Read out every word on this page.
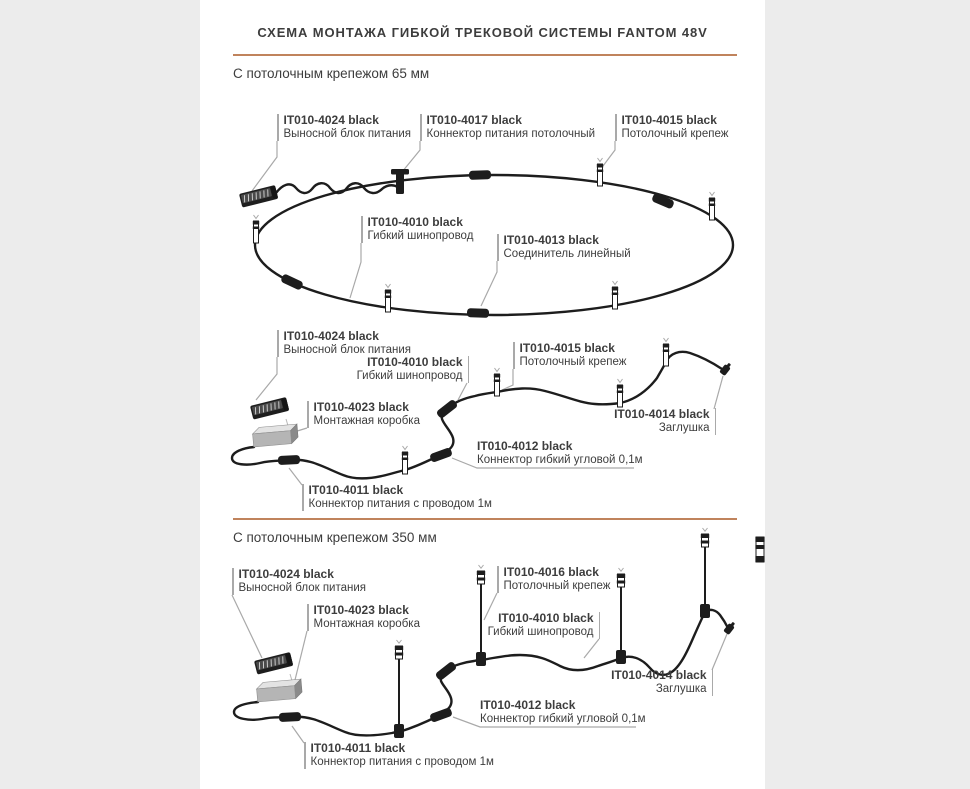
СХЕМА МОНТАЖА ГИБКОЙ ТРЕКОВОЙ СИСТЕМЫ FANTOM 48V
С потолочным крепежом 65 мм
С потолочным крепежом 350 мм
IT010-4024 black
Выносной блок питания
IT010-4017 black
Коннектор питания потолочный
IT010-4015 black
Потолочный крепеж
IT010-4010 black
Гибкий шинопровод	IT010-4013 black
Соединитель линейный
IT010-4024 black
Выносной блок питания
IT010-4010 black
Гибкий шинопровод
IT010-4015 black
Потолочный крепеж
IT010-4023 black
Монтажная коробка	IT010-4014 black
Заглушка
IT010-4012 black
Коннектор гибкий угловой 0,1м
IT010-4011 black
Коннектор питания с проводом 1м
IT010-4024 black
Выносной блок питания
IT010-4016 black
Потолочный крепеж
IT010-4023 black
Монтажная коробка	IT010-4010 black
Гибкий шинопровод
IT010-4014 black
Заглушка
IT010-4012 black
Коннектор гибкий угловой 0,1м
IT010-4011 black
Коннектор питания с проводом 1м
